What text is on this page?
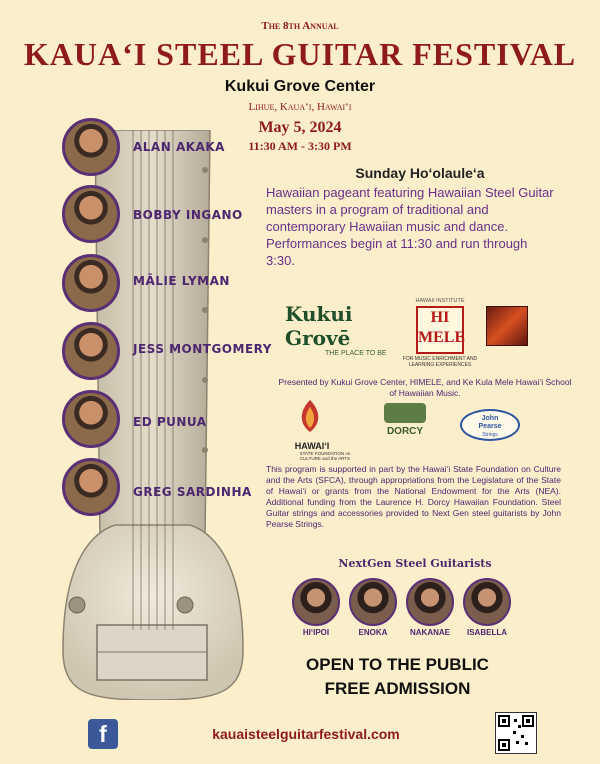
The 8th Annual
KAUA‘I STEEL GUITAR FESTIVAL
Kukui Grove Center
Lihue, Kaua‘i, Hawai‘i
May 5, 2024
11:30 AM - 3:30 PM
ALAN AKAKA
BOBBY INGANO
MĀLIE LYMAN
JESS MONTGOMERY
ED PUNUA
GREG SARDINHA
Sunday Ho‘olaule‘a
Hawaiian pageant featuring Hawaiian Steel Guitar masters in a program of traditional and contemporary Hawaiian music and dance. Performances begin at 11:30 and run through 3:30.
Kukui Grovē
THE PLACE TO BE
HAWAII INSTITUTE
HI MELE
FOR MUSIC ENRICHMENT AND LEARNING EXPERIENCES
Presented by Kukui Grove Center, HIMELE, and Ke Kula Mele Hawai‘i School of Hawaiian Music.
HAWAI‘I
STATE FOUNDATION on CULTURE and the ARTS
DORCY
John
Pearse
Strings
This program is supported in part by the Hawai‘i State Foundation on Culture and the Arts (SFCA), through appropriations from the Legislature of the State of Hawai‘i or grants from the National Endowment for the Arts (NEA). Additional funding from the Laurence H. Dorcy Hawaiian Foundation. Steel Guitar strings and accessories provided to Next Gen steel guitarists by John Pearse Strings.
NextGen Steel Guitarists
HI‘IPOI	ENOKA	NAKANAE	ISABELLA
OPEN TO THE PUBLIC
FREE ADMISSION
f	kauaisteelguitarfestival.com
